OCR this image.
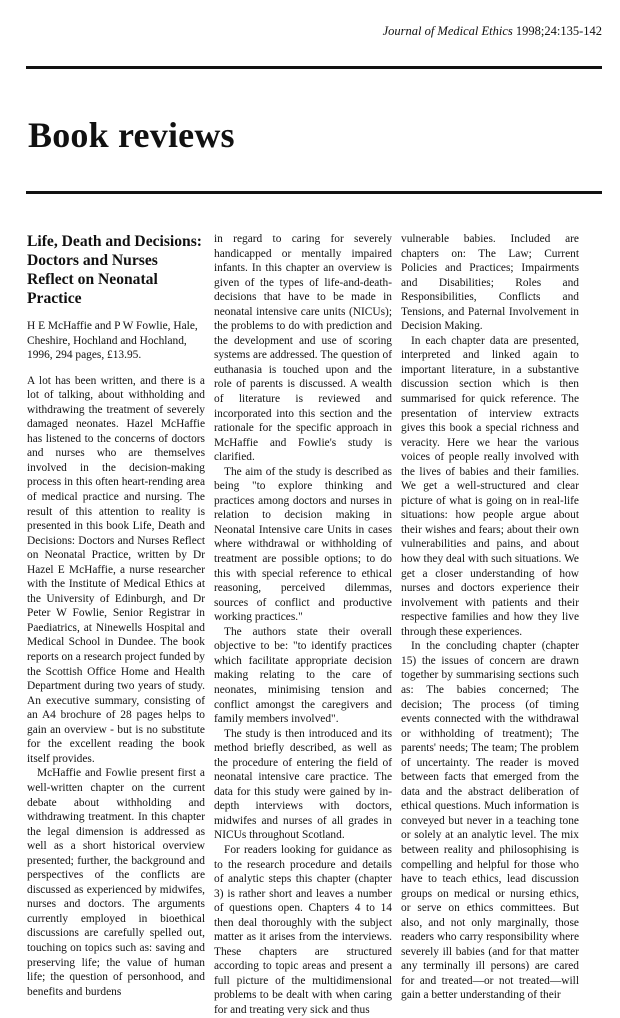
Journal of Medical Ethics 1998;24:135-142
Book reviews
Life, Death and Decisions: Doctors and Nurses Reflect on Neonatal Practice

H E McHaffie and P W Fowlie, Hale, Cheshire, Hochland and Hochland, 1996, 294 pages, £13.95.

A lot has been written, and there is a lot of talking, about withholding and withdrawing the treatment of severely damaged neonates. Hazel McHaffie has listened to the concerns of doctors and nurses who are themselves involved in the decision-making process in this often heart-rending area of medical practice and nursing. The result of this attention to reality is presented in this book Life, Death and Decisions: Doctors and Nurses Reflect on Neonatal Practice, written by Dr Hazel E McHaffie, a nurse researcher with the Institute of Medical Ethics at the University of Edinburgh, and Dr Peter W Fowlie, Senior Registrar in Paediatrics, at Ninewells Hospital and Medical School in Dundee. The book reports on a research project funded by the Scottish Office Home and Health Department during two years of study. An executive summary, consisting of an A4 brochure of 28 pages helps to gain an overview - but is no substitute for the excellent reading the book itself provides.

McHaffie and Fowlie present first a well-written chapter on the current debate about withholding and withdrawing treatment. In this chapter the legal dimension is addressed as well as a short historical overview presented; further, the background and perspectives of the conflicts are discussed as experienced by midwifes, nurses and doctors. The arguments currently employed in bioethical discussions are carefully spelled out, touching on topics such as: saving and preserving life; the value of human life; the question of personhood, and benefits and burdens

in regard to caring for severely handicapped or mentally impaired infants. In this chapter an overview is given of the types of life-and-death-decisions that have to be made in neonatal intensive care units (NICUs); the problems to do with prediction and the development and use of scoring systems are addressed. The question of euthanasia is touched upon and the role of parents is discussed. A wealth of literature is reviewed and incorporated into this section and the rationale for the specific approach in McHaffie and Fowlie's study is clarified.

The aim of the study is described as being "to explore thinking and practices among doctors and nurses in relation to decision making in Neonatal Intensive care Units in cases where withdrawal or withholding of treatment are possible options; to do this with special reference to ethical reasoning, perceived dilemmas, sources of conflict and productive working practices."

The authors state their overall objective to be: "to identify practices which facilitate appropriate decision making relating to the care of neonates, minimising tension and conflict amongst the caregivers and family members involved".

The study is then introduced and its method briefly described, as well as the procedure of entering the field of neonatal intensive care practice. The data for this study were gained by in-depth interviews with doctors, midwifes and nurses of all grades in NICUs throughout Scotland.

For readers looking for guidance as to the research procedure and details of analytic steps this chapter (chapter 3) is rather short and leaves a number of questions open. Chapters 4 to 14 then deal thoroughly with the subject matter as it arises from the interviews. These chapters are structured according to topic areas and present a full picture of the multidimensional problems to be dealt with when caring for and treating very sick and thus

vulnerable babies. Included are chapters on: The Law; Current Policies and Practices; Impairments and Disabilities; Roles and Responsibilities, Conflicts and Tensions, and Paternal Involvement in Decision Making.

In each chapter data are presented, interpreted and linked again to important literature, in a substantive discussion section which is then summarised for quick reference. The presentation of interview extracts gives this book a special richness and veracity. Here we hear the various voices of people really involved with the lives of babies and their families. We get a well-structured and clear picture of what is going on in real-life situations: how people argue about their wishes and fears; about their own vulnerabilities and pains, and about how they deal with such situations. We get a closer understanding of how nurses and doctors experience their involvement with patients and their respective families and how they live through these experiences.

In the concluding chapter (chapter 15) the issues of concern are drawn together by summarising sections such as: The babies concerned; The decision; The process (of timing events connected with the withdrawal or withholding of treatment); The parents' needs; The team; The problem of uncertainty. The reader is moved between facts that emerged from the data and the abstract deliberation of ethical questions. Much information is conveyed but never in a teaching tone or solely at an analytic level. The mix between reality and philosophising is compelling and helpful for those who have to teach ethics, lead discussion groups on medical or nursing ethics, or serve on ethics committees. But also, and not only marginally, those readers who carry responsibility where severely ill babies (and for that matter any terminally ill persons) are cared for and treated—or not treated—will gain a better understanding of their
